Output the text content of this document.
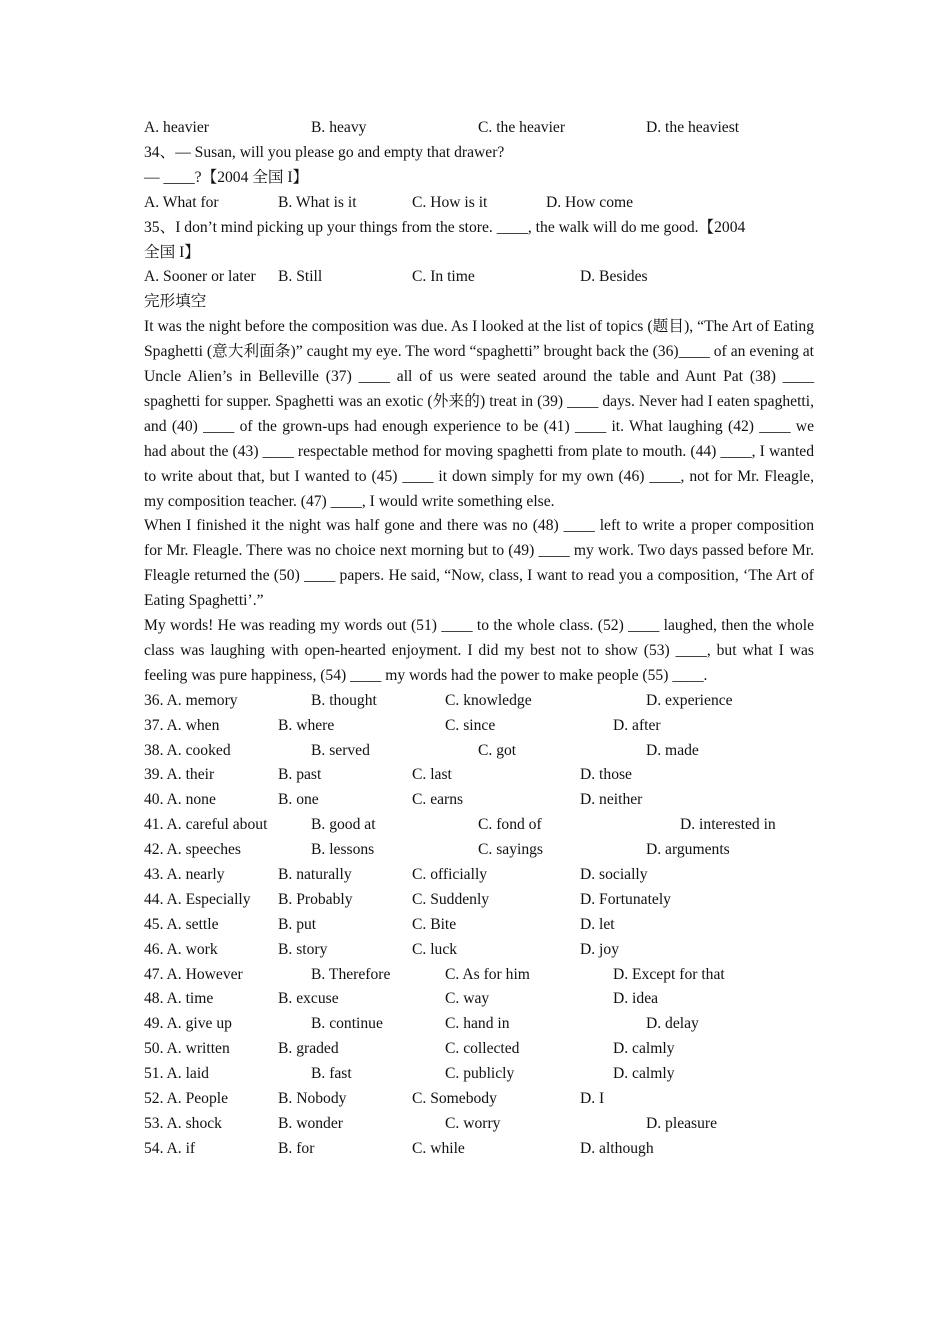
A. heavier	B. heavy	C. the heavier	D. the heaviest
34、— Susan, will you please go and empty that drawer?
— ____?【2004 全国 I】
A. What for	B. What is it	C. How is it	D. How come
35、I don’t mind picking up your things from the store. ____, the walk will do me good.【2004
全国 I】
A. Sooner or later B. Still	C. In time	D. Besides
完形填空

It was the night before the composition was due. As I looked at the list of topics (题目), “The Art of Eating Spaghetti (意大利面条)” caught my eye. The word “spaghetti” brought back the (36)____ of an evening at Uncle Alien’s in Belleville (37) ____ all of us were seated around the table and Aunt Pat (38) ____ spaghetti for supper. Spaghetti was an exotic (外来的) treat in (39) ____ days. Never had I eaten spaghetti, and (40) ____ of the grown-ups had enough experience to be (41) ____ it. What laughing (42) ____ we had about the (43) ____ respectable method for moving spaghetti from plate to mouth. (44) ____, I wanted to write about that, but I wanted to (45) ____ it down simply for my own (46) ____, not for Mr. Fleagle, my composition teacher. (47) ____, I would write something else.

When I finished it the night was half gone and there was no (48) ____ left to write a proper composition for Mr. Fleagle. There was no choice next morning but to (49) ____ my work. Two days passed before Mr. Fleagle returned the (50) ____ papers. He said, “Now, class, I want to read you a composition, ‘The Art of Eating Spaghetti’.”

My words! He was reading my words out (51) ____ to the whole class. (52) ____ laughed, then the whole class was laughing with open-hearted enjoyment. I did my best not to show (53) ____, but what I was feeling was pure happiness, (54) ____ my words had the power to make people (55) ____.

36. A. memory	B. thought	C. knowledge	D. experience
37. A. when	B. where	C. since	D. after
38. A. cooked	B. served	C. got	D. made
39. A. their	B. past	C. last	D. those
40. A. none	B. one	C. earns	D. neither
41. A. careful about	B. good at	C. fond of	D. interested in
42. A. speeches	B. lessons	C. sayings	D. arguments
43. A. nearly	B. naturally	C. officially	D. socially
44. A. Especially B. Probably	C. Suddenly	D. Fortunately
45. A. settle	B. put	C. Bite	D. let
46. A. work	B. story	C. luck	D. joy
47. A. However	B. Therefore	C. As for him	D. Except for that
48. A. time	B. excuse	C. way	D. idea
49. A. give up	B. continue	C. hand in	D. delay
50. A. written	B. graded	C. collected	D. calmly
51. A. laid	B. fast	C. publicly	D. calmly
52. A. People	B. Nobody	C. Somebody	D. I
53. A. shock	B. wonder	C. worry	D. pleasure
54. A. if	B. for	C. while	D. although
